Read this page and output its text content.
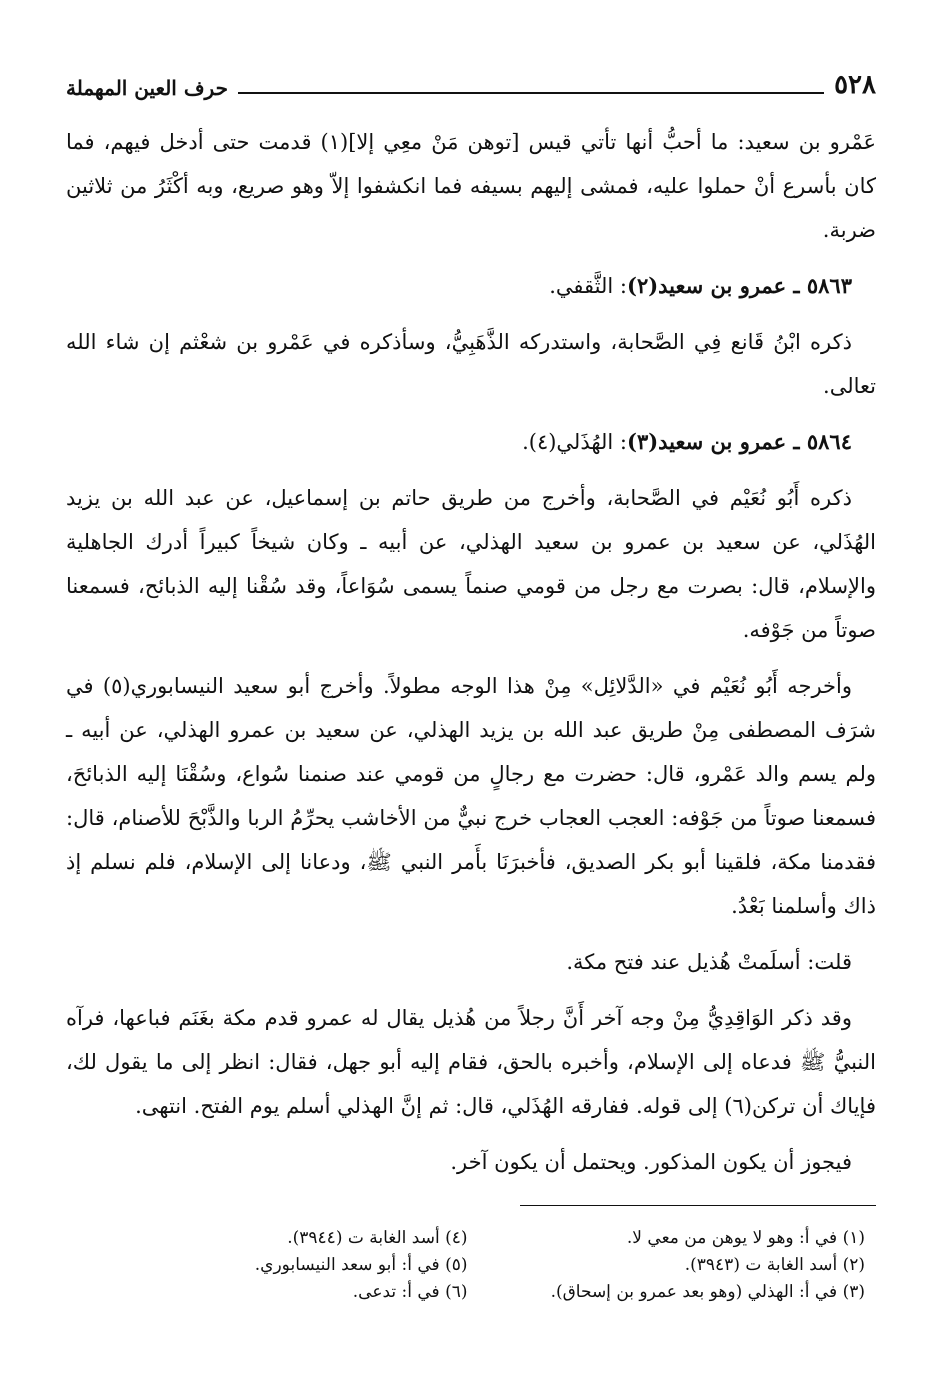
٥٢٨
حرف العين المهملة

عَمْرو بن سعيد: ما أحبُّ أنها تأتي قيس [توهن مَنْ معِي إلا](١) قدمت حتى أدخل فيهم، فما كان بأسرع أنْ حملوا عليه، فمشى إليهم بسيفه فما انكشفوا إلاّ وهو صريع، وبه أكْثَرُ من ثلاثين ضربة.

٥٨٦٣ ـ عمرو بن سعيد(٢): الثَّقفي.

ذكره ابْنُ قَانع فِي الصَّحابة، واستدركه الذَّهَبِيُّ، وسأذكره في عَمْرو بن شعْثم إن شاء الله تعالى.

٥٨٦٤ ـ عمرو بن سعيد(٣): الهُذَلي(٤).

ذكره أَبُو نُعَيْم في الصَّحابة، وأخرج من طريق حاتم بن إسماعيل، عن عبد الله بن يزيد الهُذَلي، عن سعيد بن عمرو بن سعيد الهذلي، عن أبيه ـ وكان شيخاً كبيراً أدرك الجاهلية والإسلام، قال: بصرت مع رجل من قومي صنماً يسمى سُوَاعاً، وقد سُقْنا إليه الذبائح، فسمعنا صوتاً من جَوْفه.

وأخرجه أَبُو نُعَيْم في «الدَّلائِل» مِنْ هذا الوجه مطولاً. وأخرج أبو سعيد النيسابوري(٥) في شرَف المصطفى مِنْ طريق عبد الله بن يزيد الهذلي، عن سعيد بن عمرو الهذلي، عن أبيه ـ ولم يسم والد عَمْرو، قال: حضرت مع رجالٍ من قومي عند صنمنا سُواع، وسُقْنَا إليه الذبائحَ، فسمعنا صوتاً من جَوْفه: العجب العجاب خرج نبيٌّ من الأخاشب يحرِّمُ الربا والذَّبْحَ للأصنام، قال: فقدمنا مكة، فلقينا أبو بكر الصديق، فأخبرَنَا بأَمر النبي ﷺ، ودعانا إلى الإسلام، فلم نسلم إذ ذاك وأسلمنا بَعْدُ.

قلت: أسلَمتْ هُذيل عند فتح مكة.

وقد ذكر الوَاقِدِيُّ مِنْ وجه آخر أَنَّ رجلاً من هُذيل يقال له عمرو قدم مكة بغَنَم فباعها، فرآه النبيُّ ﷺ فدعاه إلى الإسلام، وأخبره بالحق، فقام إليه أبو جهل، فقال: انظر إلى ما يقول لك، فإياك أن تركن(٦) إلى قوله. ففارقه الهُذَلي، قال: ثم إنَّ الهذلي أسلم يوم الفتح. انتهى.

فيجوز أن يكون المذكور. ويحتمل أن يكون آخر.

(١) في أ: وهو لا يوهن من معي لا.
(٢) أسد الغابة ت (٣٩٤٣).
(٣) في أ: الهذلي (وهو بعد عمرو بن إسحاق).
(٤) أسد الغابة ت (٣٩٤٤).
(٥) في أ: أبو سعد النيسابوري.
(٦) في أ: تدعى.
